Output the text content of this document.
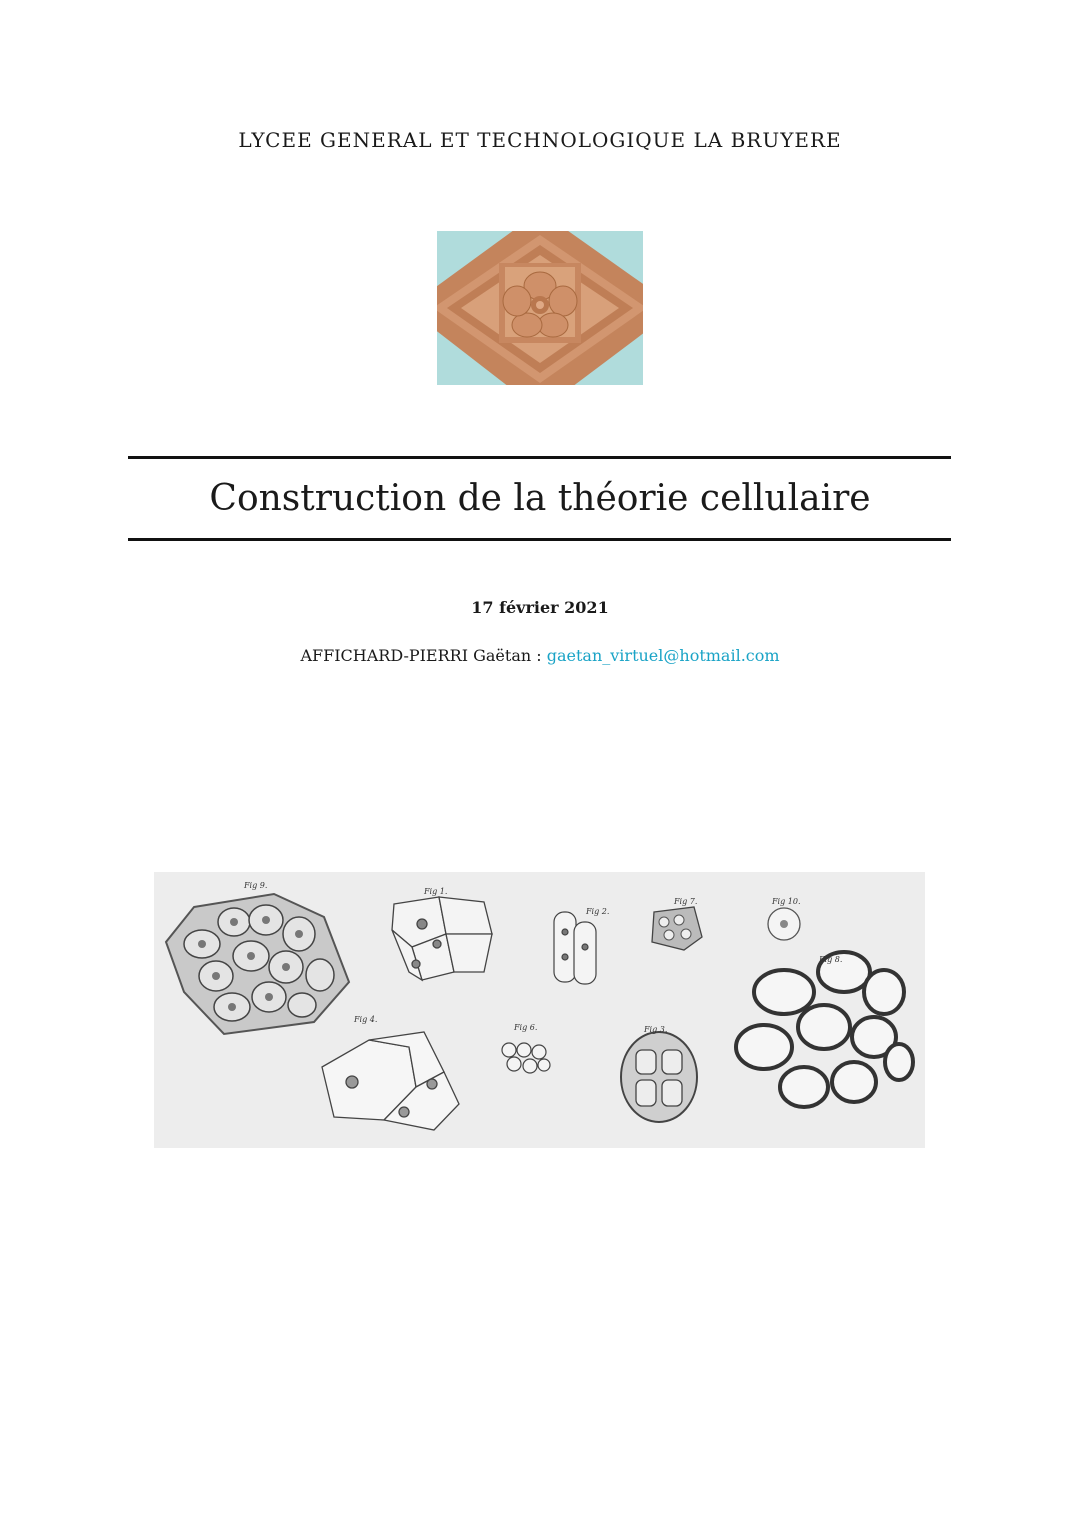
LYCEE GENERAL ET TECHNOLOGIQUE LA BRUYERE
Construction de la théorie cellulaire
17 février 2021
AFFICHARD-PIERRI Gaëtan : gaetan_virtuel@hotmail.com
Fig 9.
Fig 1.
Fig 2.
Fig 7.	Fig 10.
Fig 8.
Fig 4.
Fig 6.	Fig 3.
